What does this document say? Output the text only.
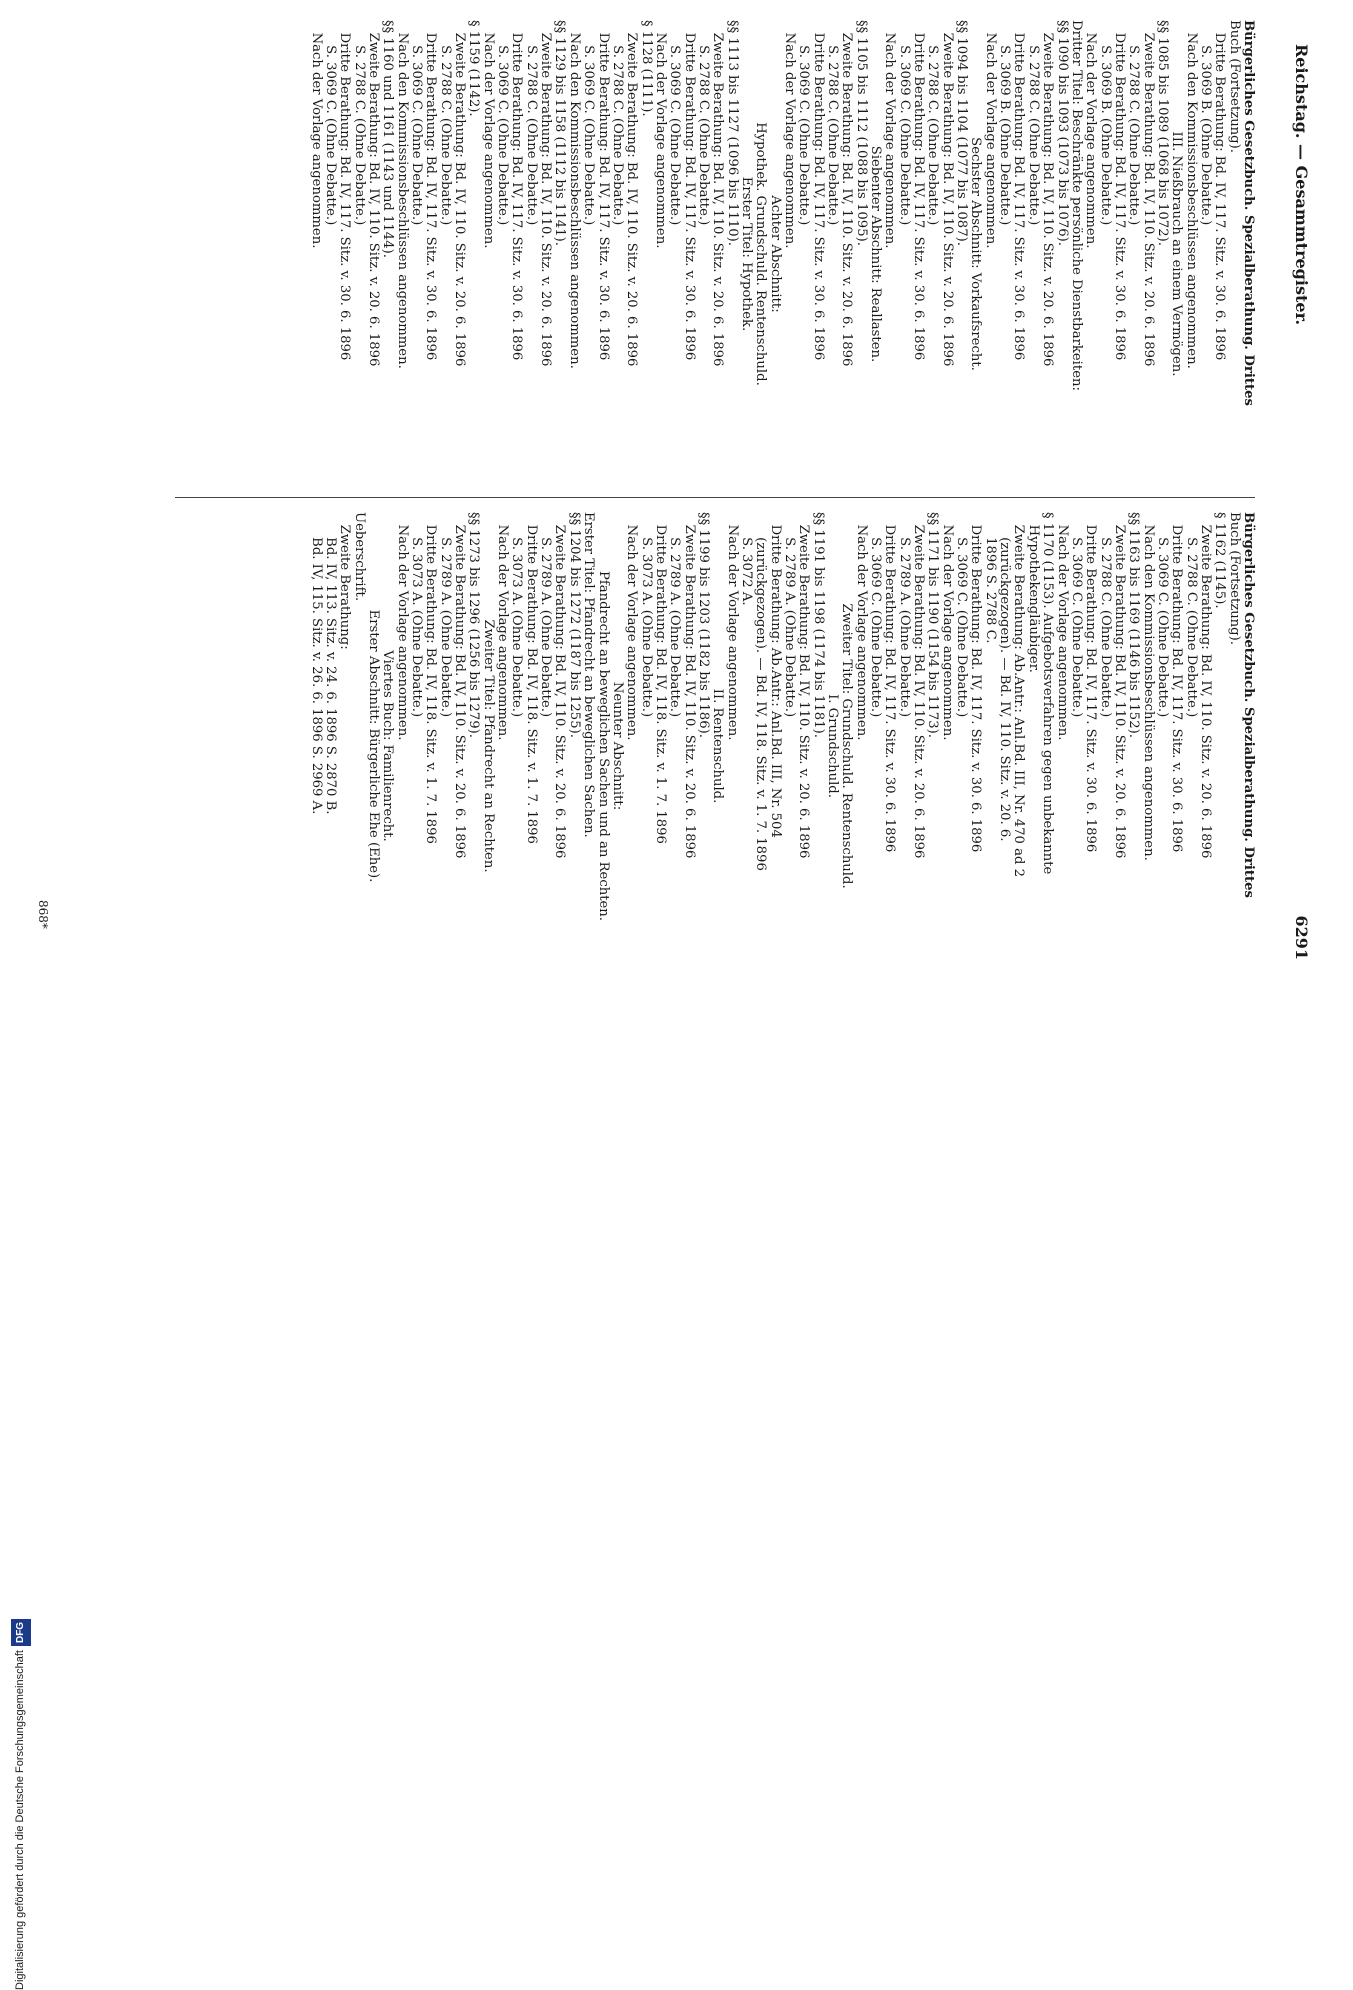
Reichstag. — Gesammtregister.
6291
Bürgerliches Gesetzbuch. Spezialberathung. Drittes
Buch (Fortsetzung).
Dritte Berathung: Bd. IV, 117. Sitz. v. 30. 6. 1896
S. 3069 B. (Ohne Debatte.)
Nach den Kommissionsbeschlüssen angenommen.
III. Nießbrauch an einem Vermögen.
§§ 1085 bis 1089 (1068 bis 1072).
Zweite Berathung: Bd. IV, 110. Sitz. v. 20. 6. 1896
S. 2788 C. (Ohne Debatte.)
Dritte Berathung: Bd. IV, 117. Sitz. v. 30. 6. 1896
S. 3069 B. (Ohne Debatte.)
Nach der Vorlage angenommen.
Dritter Titel: Beschränkte persönliche Dienstbarkeiten:
§§ 1090 bis 1093 (1073 bis 1076).
Zweite Berathung: Bd. IV, 110. Sitz. v. 20. 6. 1896
S. 2788 C. (Ohne Debatte.)
Dritte Berathung: Bd. IV, 117. Sitz. v. 30. 6. 1896
S. 3069 B. (Ohne Debatte.)
Nach der Vorlage angenommen.
Sechster Abschnitt: Vorkaufsrecht.
§§ 1094 bis 1104 (1077 bis 1087).
Zweite Berathung: Bd. IV, 110. Sitz. v. 20. 6. 1896
S. 2788 C. (Ohne Debatte.)
Dritte Berathung: Bd. IV, 117. Sitz. v. 30. 6. 1896
S. 3069 C. (Ohne Debatte.)
Nach der Vorlage angenommen.
Siebenter Abschnitt: Reallasten.
§§ 1105 bis 1112 (1088 bis 1095).
Zweite Berathung: Bd. IV, 110. Sitz. v. 20. 6. 1896
S. 2788 C. (Ohne Debatte.)
Dritte Berathung: Bd. IV, 117. Sitz. v. 30. 6. 1896
S. 3069 C. (Ohne Debatte.)
Nach der Vorlage angenommen.
Achter Abschnitt:
Hypothek. Grundschuld. Rentenschuld.
Erster Titel: Hypothek.
§§ 1113 bis 1127 (1096 bis 1110).
Zweite Berathung: Bd. IV, 110. Sitz. v. 20. 6. 1896
S. 2788 C. (Ohne Debatte.)
Dritte Berathung: Bd. IV, 117. Sitz. v. 30. 6. 1896
S. 3069 C. (Ohne Debatte.)
Nach der Vorlage angenommen.
§ 1128 (1111).
Zweite Berathung: Bd. IV, 110. Sitz. v. 20. 6. 1896
S. 2788 C. (Ohne Debatte.)
Dritte Berathung: Bd. IV, 117. Sitz. v. 30. 6. 1896
S. 3069 C. (Ohne Debatte.)
Nach den Kommissionsbeschlüssen angenommen.
§§ 1129 bis 1158 (1112 bis 1141).
Zweite Berathung: Bd. IV, 110. Sitz. v. 20. 6. 1896
S. 2788 C. (Ohne Debatte.)
Dritte Berathung: Bd. IV, 117. Sitz. v. 30. 6. 1896
S. 3069 C. (Ohne Debatte.)
Nach der Vorlage angenommen.
§ 1159 (1142).
Zweite Berathung: Bd. IV, 110. Sitz. v. 20. 6. 1896
S. 2788 C. (Ohne Debatte.)
Dritte Berathung: Bd. IV, 117. Sitz. v. 30. 6. 1896
S. 3069 C. (Ohne Debatte.)
Nach den Kommissionsbeschlüssen angenommen.
§§ 1160 und 1161 (1143 und 1144).
Zweite Berathung: Bd. IV, 110. Sitz. v. 20. 6. 1896
S. 2788 C. (Ohne Debatte.)
Dritte Berathung: Bd. IV, 117. Sitz. v. 30. 6. 1896
S. 3069 C. (Ohne Debatte.)
Nach der Vorlage angenommen.
Bürgerliches Gesetzbuch. Spezialberathung. Drittes
Buch (Fortsetzung).
§ 1162 (1145).
Zweite Berathung: Bd. IV, 110. Sitz. v. 20. 6. 1896
S. 2788 C. (Ohne Debatte.)
Dritte Berathung: Bd. IV, 117. Sitz. v. 30. 6. 1896
S. 3069 C. (Ohne Debatte.)
Nach den Kommissionsbeschlüssen angenommen.
§§ 1163 bis 1169 (1146 bis 1152).
Zweite Berathung: Bd. IV, 110. Sitz. v. 20. 6. 1896
S. 2788 C. (Ohne Debatte.)
Dritte Berathung: Bd. IV, 117. Sitz. v. 30. 6. 1896
S. 3069 C. (Ohne Debatte.)
Nach der Vorlage angenommen.
§ 1170 (1153). Aufgebotsverfahren gegen unbekannte
Hypothekengläubiger.
Zweite Berathung: Ab.Antr.: Anl.Bd. III, Nr. 470 ad 2
(zurückgezogen). — Bd. IV, 110. Sitz. v. 20. 6.
1896 S. 2788 C.
Dritte Berathung: Bd. IV, 117. Sitz. v. 30. 6. 1896
S. 3069 C. (Ohne Debatte.)
Nach der Vorlage angenommen.
§§ 1171 bis 1190 (1154 bis 1173).
Zweite Berathung: Bd. IV, 110. Sitz. v. 20. 6. 1896
S. 2789 A. (Ohne Debatte.)
Dritte Berathung: Bd. IV, 117. Sitz. v. 30. 6. 1896
S. 3069 C. (Ohne Debatte.)
Nach der Vorlage angenommen.
Zweiter Titel: Grundschuld. Rentenschuld.
I. Grundschuld.
§§ 1191 bis 1198 (1174 bis 1181).
Zweite Berathung: Bd. IV, 110. Sitz. v. 20. 6. 1896
S. 2789 A. (Ohne Debatte.)
Dritte Berathung: Ab.Antr.: Anl.Bd. III, Nr. 504
(zurückgezogen). — Bd. IV, 118. Sitz. v. 1. 7. 1896
S. 3072 A.
Nach der Vorlage angenommen.
II. Rentenschuld.
§§ 1199 bis 1203 (1182 bis 1186).
Zweite Berathung: Bd. IV, 110. Sitz. v. 20. 6. 1896
S. 2789 A. (Ohne Debatte.)
Dritte Berathung: Bd. IV, 118. Sitz. v. 1. 7. 1896
S. 3073 A. (Ohne Debatte.)
Nach der Vorlage angenommen.
Neunter Abschnitt:
Pfandrecht an beweglichen Sachen und an Rechten.
Erster Titel: Pfandrecht an beweglichen Sachen.
§§ 1204 bis 1272 (1187 bis 1255).
Zweite Berathung: Bd. IV, 110. Sitz. v. 20. 6. 1896
S. 2789 A. (Ohne Debatte.)
Dritte Berathung: Bd. IV, 118. Sitz. v. 1. 7. 1896
S. 3073 A. (Ohne Debatte.)
Nach der Vorlage angenommen.
Zweiter Titel: Pfandrecht an Rechten.
§§ 1273 bis 1296 (1256 bis 1279).
Zweite Berathung: Bd. IV, 110. Sitz. v. 20. 6. 1896
S. 2789 A. (Ohne Debatte.)
Dritte Berathung: Bd. IV, 118. Sitz. v. 1. 7. 1896
S. 3073 A. (Ohne Debatte.)
Nach der Vorlage angenommen.
Viertes Buch: Familienrecht.
Erster Abschnitt: Bürgerliche Ehe (Ehe).
Ueberschrift.
Zweite Berathung:
Bd. IV, 113. Sitz. v. 24. 6. 1896 S. 2870 B.
Bd. IV, 115. Sitz. v. 26. 6. 1896 S. 2969 A.
868*
Digitalisierung gefördert durch die Deutsche ForschungsgemeinschaftDFG
